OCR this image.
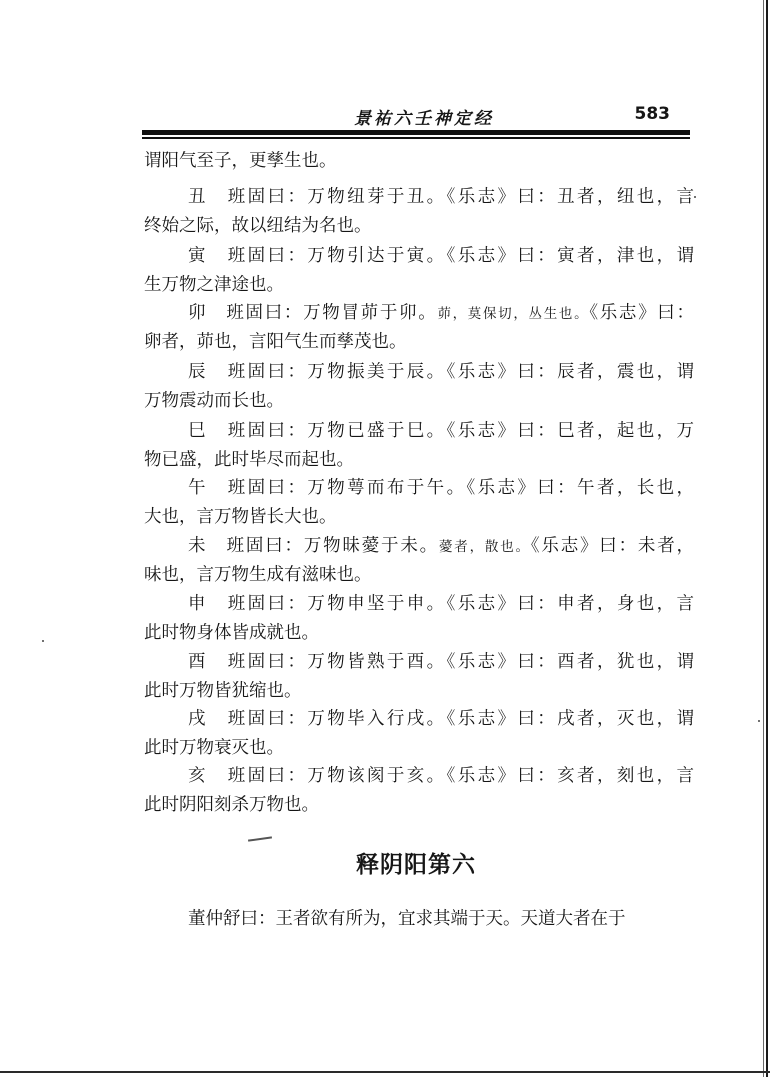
景祐六壬神定经	583
谓阳气至子，更孳生也。
丑　班固曰：万物纽芽于丑。《乐志》曰：丑者，纽也，言
终始之际，故以纽结为名也。
寅　班固曰：万物引达于寅。《乐志》曰：寅者，津也，谓
生万物之津途也。
卯　班固曰：万物冒茆于卯。茆，莫保切，丛生也。《乐志》曰：
卵者，茆也，言阳气生而孳茂也。
辰　班固曰：万物振美于辰。《乐志》曰：辰者，震也，谓
万物震动而长也。
巳　班固曰：万物已盛于巳。《乐志》曰：巳者，起也，万
物已盛，此时毕尽而起也。
午　班固曰：万物萼而布于午。《乐志》曰：午者，长也，
大也，言万物皆长大也。
未　班固曰：万物昧薆于未。薆者，散也。《乐志》曰：未者，
味也，言万物生成有滋味也。
申　班固曰：万物申坚于申。《乐志》曰：申者，身也，言
此时物身体皆成就也。
酉　班固曰：万物皆熟于酉。《乐志》曰：酉者，犹也，谓
此时万物皆犹缩也。
戌　班固曰：万物毕入行戌。《乐志》曰：戌者，灭也，谓
此时万物衰灭也。
亥　班固曰：万物该阂于亥。《乐志》曰：亥者，刻也，言
此时阴阳刻杀万物也。
释阴阳第六
董仲舒曰：王者欲有所为，宜求其端于天。天道大者在于
